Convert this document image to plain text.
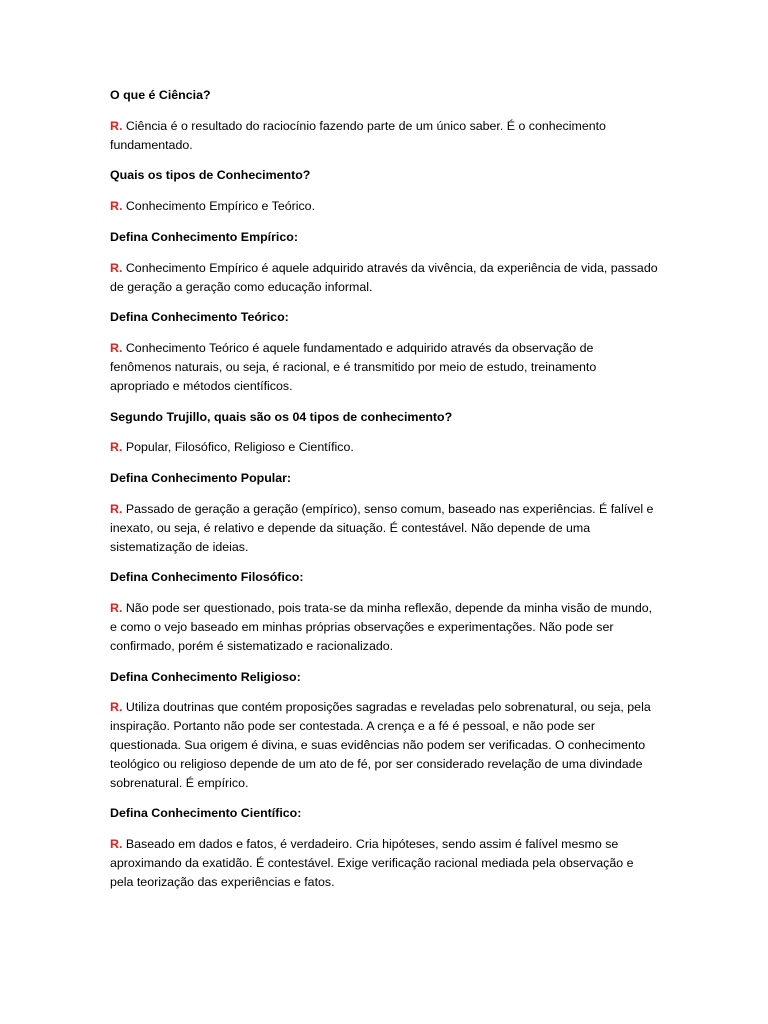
O que é Ciência?

R. Ciência é o resultado do raciocínio fazendo parte de um único saber. É o conhecimento fundamentado.

Quais os tipos de Conhecimento?

R. Conhecimento Empírico e Teórico.

Defina Conhecimento Empírico:

R. Conhecimento Empírico é aquele adquirido através da vivência, da experiência de vida, passado de geração a geração como educação informal.

Defina Conhecimento Teórico:

R. Conhecimento Teórico é aquele fundamentado e adquirido através da observação de fenômenos naturais, ou seja, é racional, e é transmitido por meio de estudo, treinamento apropriado e métodos científicos.

Segundo Trujillo, quais são os 04 tipos de conhecimento?

R. Popular, Filosófico, Religioso e Científico.

Defina Conhecimento Popular:

R. Passado de geração a geração (empírico), senso comum, baseado nas experiências. É falível e inexato, ou seja, é relativo e depende da situação. É contestável. Não depende de uma sistematização de ideias.

Defina Conhecimento Filosófico:

R. Não pode ser questionado, pois trata-se da minha reflexão, depende da minha visão de mundo, e como o vejo baseado em minhas próprias observações e experimentações. Não pode ser confirmado, porém é sistematizado e racionalizado.

Defina Conhecimento Religioso:

R. Utiliza doutrinas que contém proposições sagradas e reveladas pelo sobrenatural, ou seja, pela inspiração. Portanto não pode ser contestada. A crença e a fé é pessoal, e não pode ser questionada. Sua origem é divina, e suas evidências não podem ser verificadas. O conhecimento teológico ou religioso depende de um ato de fé, por ser considerado revelação de uma divindade sobrenatural. É empírico.

Defina Conhecimento Científico:

R. Baseado em dados e fatos, é verdadeiro. Cria hipóteses, sendo assim é falível mesmo se aproximando da exatidão. É contestável. Exige verificação racional mediada pela observação e pela teorização das experiências e fatos.
